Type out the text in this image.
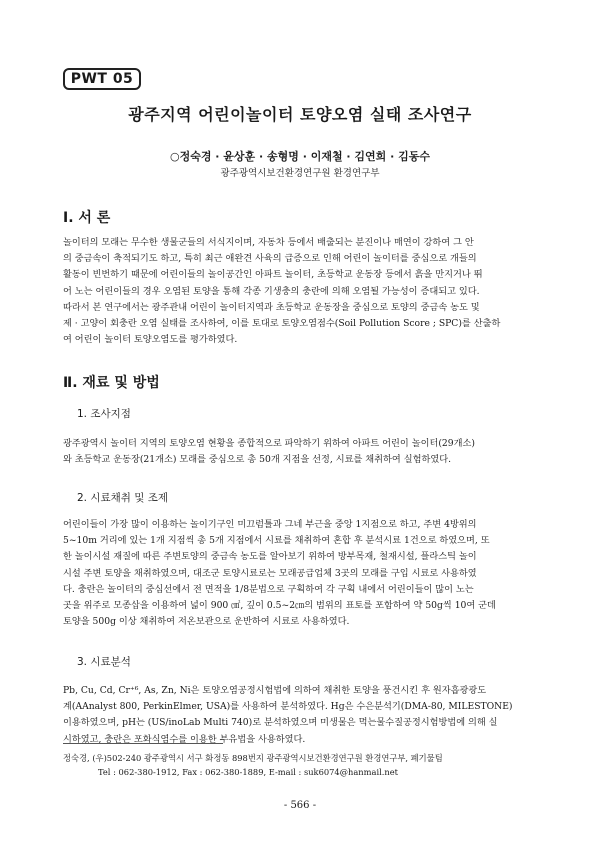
PWT 05
광주지역 어린이놀이터 토양오염 실태 조사연구
○정숙경 · 윤상훈 · 송형명 · 이재철 · 김연희 · 김동수
광주광역시보건환경연구원 환경연구부
Ⅰ. 서 론

놀이터의 모래는 무수한 생물군들의 서식지이며, 자동차 등에서 배출되는 분진이나 매연이 강하여 그 안

의 중금속이 축적되기도 하고, 특히 최근 애완견 사육의 급증으로 인해 어린이 놀이터를 중심으로 개들의

활동이 빈번하기 때문에 어린이들의 놀이공간인 아파트 놀이터, 초등학교 운동장 등에서 흙을 만지거나 뛰

어 노는 어린이들의 경우 오염된 토양을 통해 각종 기생충의 충란에 의해 오염될 가능성이 증대되고 있다.

따라서 본 연구에서는 광주관내 어린이 놀이터지역과 초등학교 운동장을 중심으로 토양의 중금속 농도 및

제 · 고양이 회충란 오염 실태를 조사하여, 이를 토대로 토양오염점수(Soil Pollution Score ; SPC)를 산출하

여 어린이 놀이터 토양오염도를 평가하였다.

Ⅱ. 재료 및 방법
1. 조사지점

광주광역시 놀이터 지역의 토양오염 현황을 종합적으로 파악하기 위하여 아파트 어린이 놀이터(29개소)

와 초등학교 운동장(21개소) 모래를 중심으로 총 50개 지점을 선정, 시료를 채취하여 실험하였다.

2. 시료채취 및 조제

어린이들이 가장 많이 이용하는 놀이기구인 미끄럼틀과 그네 부근을 중앙 1지점으로 하고, 주변 4방위의

5~10m 거리에 있는 1개 지점씩 총 5개 지점에서 시료를 채취하여 혼합 후 분석시료 1건으로 하였으며, 또

한 놀이시설 재질에 따른 주변토양의 중금속 농도를 알아보기 위하여 방부목재, 철재시설, 플라스틱 놀이

시설 주변 토양을 채취하였으며, 대조군 토양시료로는 모래공급업체 3곳의 모래를 구입 시료로 사용하였

다. 충란은 놀이터의 중심선에서 전 면적을 1/8분법으로 구획하여 각 구획 내에서 어린이들이 많이 노는

곳을 위주로 모종삽을 이용하여 넓이 900 ㎠, 깊이 0.5~2㎝의 범위의 표토를 포함하여 약 50g씩 10여 군데

토양을 500g 이상 채취하여 저온보관으로 운반하여 시료로 사용하였다.

3. 시료분석

Pb, Cu, Cd, Cr⁺⁶, As, Zn, Ni은 토양오염공정시험법에 의하여 채취한 토양을 풍건시킨 후 원자흡광광도

계(AAnalyst 800, PerkinElmer, USA)를 사용하여 분석하였다. Hg은 수은분석기(DMA-80, MILESTONE)

이용하였으며, pH는 (US/inoLab Multi 740)로 분석하였으며 미생물은 먹는물수질공정시험방법에 의해 실

시하였고, 충란은 포화식염수를 이용한 부유법을 사용하였다.

정숙경, (우)502-240 광주광역시 서구 화정동 898번지 광주광역시보건환경연구원 환경연구부, 폐기물팀
Tel : 062-380-1912, Fax : 062-380-1889, E-mail : suk6074@hanmail.net
- 566 -
